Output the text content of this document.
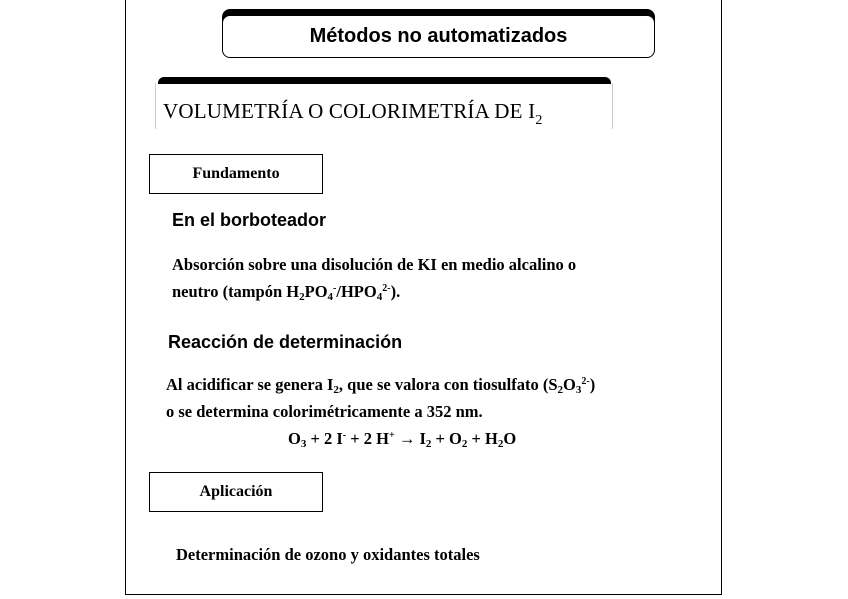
Métodos no automatizados
VOLUMETRÍA O COLORIMETRÍA DE $I_2$
Fundamento
En el borboteador
Absorción sobre una disolución de KI en medio alcalino o
neutro (tampón $H_2PO_4^-/HPO_4^{2-}$).
Reacción de determinación
Al acidificar se genera $I_2$, que se valora con tiosulfato $(S_2O_3^{2-})$
o se determina colorimétricamente a 352 nm.
$O_3 + 2$ I- + 2 $H^+ \to I_2 + O_2 + H_2O$
Aplicación
Determinación de ozono y oxidantes totales
